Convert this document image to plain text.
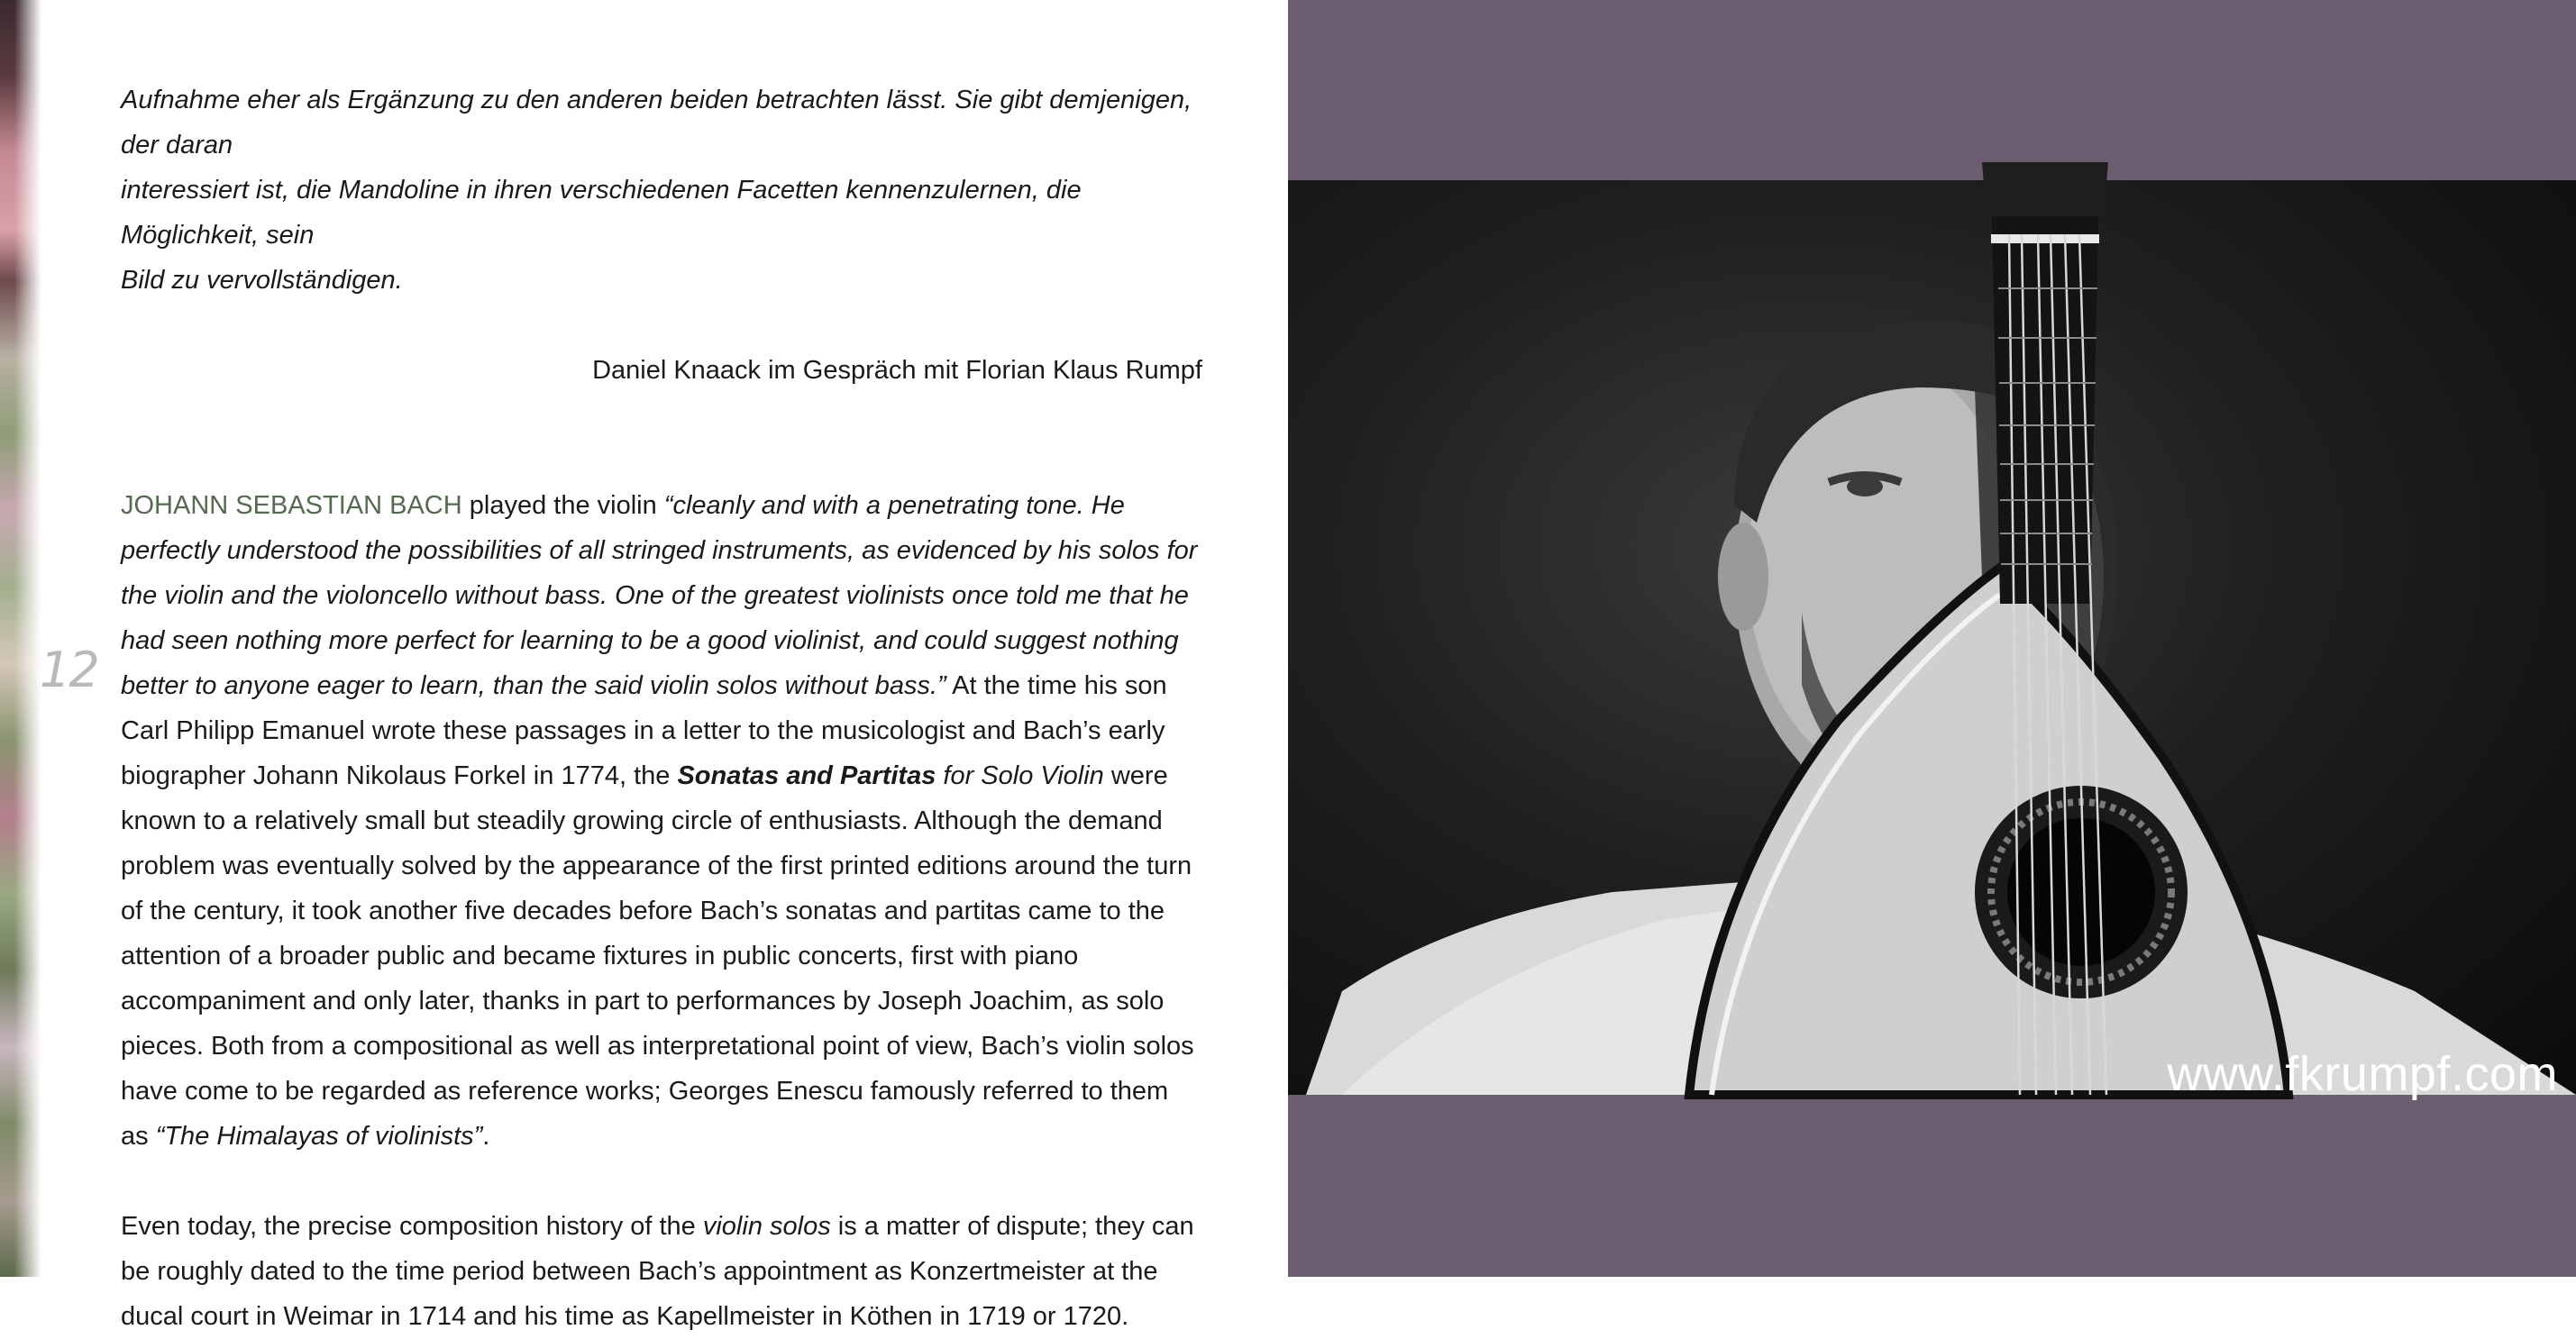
12

Aufnahme eher als Ergänzung zu den anderen beiden betrachten lässt. Sie gibt demjenigen, der daran
interessiert ist, die Mandoline in ihren verschiedenen Facetten kennenzulernen, die Möglichkeit, sein
Bild zu vervollständigen.

Daniel Knaack im Gespräch mit Florian Klaus Rumpf

JOHANN SEBASTIAN BACH played the violin “cleanly and with a penetrating tone. He perfectly understood the possibilities of all stringed instruments, as evidenced by his solos for the violin and the violoncello without bass. One of the greatest violinists once told me that he had seen nothing more perfect for learning to be a good violinist, and could suggest nothing better to anyone eager to learn, than the said violin solos without bass.” At the time his son Carl Philipp Emanuel wrote these passages in a letter to the musicologist and Bach’s early biographer Johann Nikolaus Forkel in 1774, the Sonatas and Partitas for Solo Violin were known to a relatively small but steadily growing circle of enthusiasts. Although the demand problem was eventually solved by the appearance of the first printed editions around the turn of the century, it took another five decades before Bach’s sonatas and partitas came to the attention of a broader public and became fixtures in public concerts, first with piano accompaniment and only later, thanks in part to performances by Joseph Joachim, as solo pieces. Both from a compositional as well as interpretational point of view, Bach’s violin solos have come to be regarded as reference works; Georges Enescu famously referred to them as “The Himalayas of violinists”.

Even today, the precise composition history of the violin solos is a matter of dispute; they can be roughly dated to the time period between Bach’s appointment as Konzertmeister at the ducal court in Weimar in 1714 and his time as Kapellmeister in Köthen in 1719 or 1720.

www.fkrumpf.com
